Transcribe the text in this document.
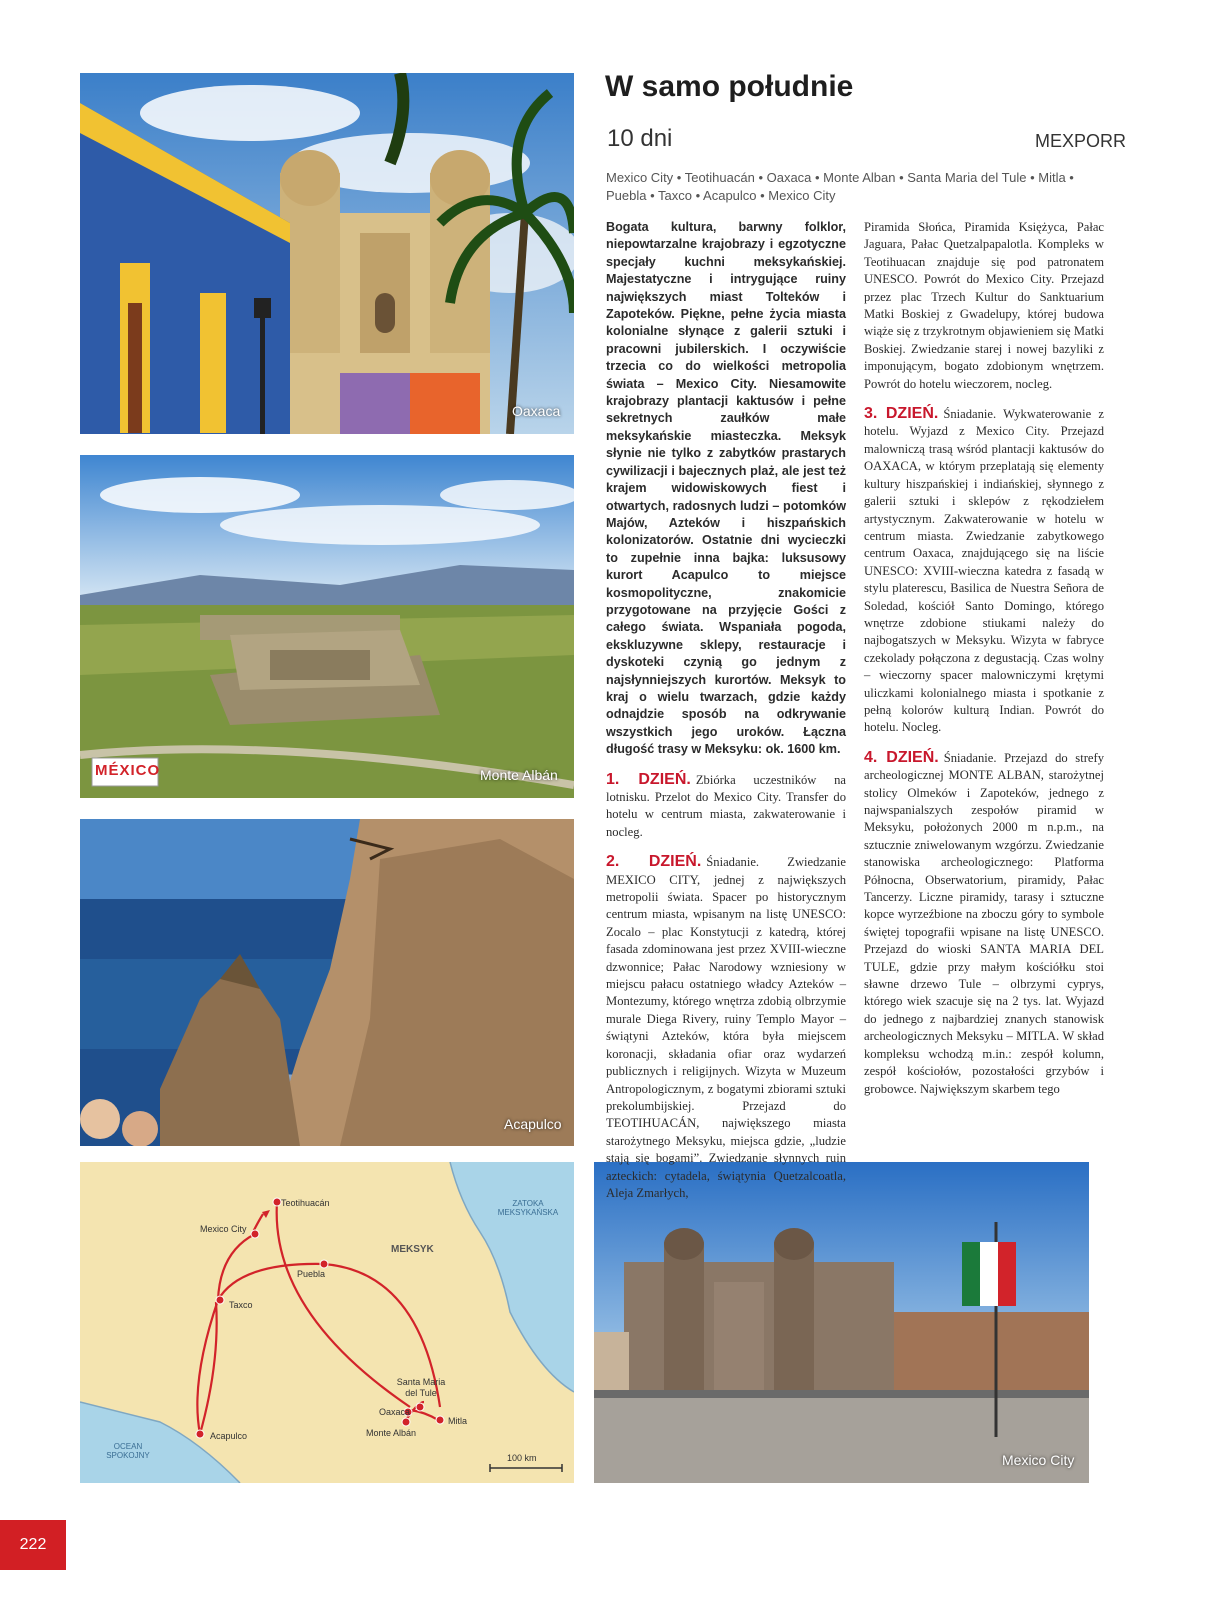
Oaxaca
MÉXICO	Monte Albán
Acapulco
MEKSYK
ZATOKA MEKSYKAŃSKA
OCEAN SPOKOJNY	100 km
Teotihuacán
Mexico City
Puebla
Taxco
Santa Maria del Tule
Oaxaca
Mitla
Monte Albán
Acapulco
Mexico City
W samo południe
10 dni	MEXPORR
Mexico City • Teotihuacán • Oaxaca • Monte Alban • Santa Maria del Tule • Mitla • Puebla • Taxco • Acapulco • Mexico City

Bogata kultura, barwny folklor, niepowtarzalne krajobrazy i egzotyczne specjały kuchni meksykańskiej. Majestatyczne i intrygujące ruiny największych miast Tolteków i Zapoteków. Piękne, pełne życia miasta kolonialne słynące z galerii sztuki i pracowni jubilerskich. I oczywiście trzecia co do wielkości metropolia świata – Mexico City. Niesamowite krajobrazy plantacji kaktusów i pełne sekretnych zaułków małe meksykańskie miasteczka. Meksyk słynie nie tylko z zabytków prastarych cywilizacji i bajecznych plaż, ale jest też krajem widowiskowych fiest i otwartych, radosnych ludzi – potomków Majów, Azteków i hiszpańskich kolonizatorów. Ostatnie dni wycieczki to zupełnie inna bajka: luksusowy kurort Acapulco to miejsce kosmopolityczne, znakomicie przygotowane na przyjęcie Gości z całego świata. Wspaniała pogoda, ekskluzywne sklepy, restauracje i dyskoteki czynią go jednym z najsłynniejszych kurortów. Meksyk to kraj o wielu twarzach, gdzie każdy odnajdzie sposób na odkrywanie wszystkich jego uroków. Łączna długość trasy w Meksyku: ok. 1600 km.

1. DZIEŃ. Zbiórka uczestników na lotnisku. Przelot do Mexico City. Transfer do hotelu w centrum miasta, zakwaterowanie i nocleg.

2. DZIEŃ. Śniadanie. Zwiedzanie MEXICO CITY, jednej z największych metropolii świata. Spacer po historycznym centrum miasta, wpisanym na listę UNESCO: Zocalo – plac Konstytucji z katedrą, której fasada zdominowana jest przez XVIII-wieczne dzwonnice; Pałac Narodowy wzniesiony w miejscu pałacu ostatniego władcy Azteków – Montezumy, którego wnętrza zdobią olbrzymie murale Diega Rivery, ruiny Templo Mayor – świątyni Azteków, która była miejscem koronacji, składania ofiar oraz wydarzeń publicznych i religijnych. Wizyta w Muzeum Antropologicznym, z bogatymi zbiorami sztuki prekolumbijskiej. Przejazd do TEOTIHUACÁN, największego miasta starożytnego Meksyku, miejsca gdzie, „ludzie stają się bogami”. Zwiedzanie słynnych ruin azteckich: cytadela, świątynia Quetzalcoatla, Aleja Zmarłych,

Piramida Słońca, Piramida Księżyca, Pałac Jaguara, Pałac Quetzalpapalotla. Kompleks w Teotihuacan znajduje się pod patronatem UNESCO. Powrót do Mexico City. Przejazd przez plac Trzech Kultur do Sanktuarium Matki Boskiej z Gwadelupy, której budowa wiąże się z trzykrotnym objawieniem się Matki Boskiej. Zwiedzanie starej i nowej bazyliki z imponującym, bogato zdobionym wnętrzem. Powrót do hotelu wieczorem, nocleg.

3. DZIEŃ. Śniadanie. Wykwaterowanie z hotelu. Wyjazd z Mexico City. Przejazd malowniczą trasą wśród plantacji kaktusów do OAXACA, w którym przeplatają się elementy kultury hiszpańskiej i indiańskiej, słynnego z galerii sztuki i sklepów z rękodziełem artystycznym. Zakwaterowanie w hotelu w centrum miasta. Zwiedzanie zabytkowego centrum Oaxaca, znajdującego się na liście UNESCO: XVIII-wieczna katedra z fasadą w stylu platerescu, Basilica de Nuestra Señora de Soledad, kościół Santo Domingo, którego wnętrze zdobione stiukami należy do najbogatszych w Meksyku. Wizyta w fabryce czekolady połączona z degustacją. Czas wolny – wieczorny spacer malowniczymi krętymi uliczkami kolonialnego miasta i spotkanie z pełną kolorów kulturą Indian. Powrót do hotelu. Nocleg.

4. DZIEŃ. Śniadanie. Przejazd do strefy archeologicznej MONTE ALBAN, starożytnej stolicy Olmeków i Zapoteków, jednego z najwspanialszych zespołów piramid w Meksyku, położonych 2000 m n.p.m., na sztucznie zniwelowanym wzgórzu. Zwiedzanie stanowiska archeologicznego: Platforma Północna, Obserwatorium, piramidy, Pałac Tancerzy. Liczne piramidy, tarasy i sztuczne kopce wyrzeźbione na zboczu góry to symbole świętej topografii wpisane na listę UNESCO. Przejazd do wioski SANTA MARIA DEL TULE, gdzie przy małym kościółku stoi sławne drzewo Tule – olbrzymi cyprys, którego wiek szacuje się na 2 tys. lat. Wyjazd do jednego z najbardziej znanych stanowisk archeologicznych Meksyku – MITLA. W skład kompleksu wchodzą m.in.: zespół kolumn, zespół kościołów, pozostałości grzybów i grobowce. Największym skarbem tego

222
